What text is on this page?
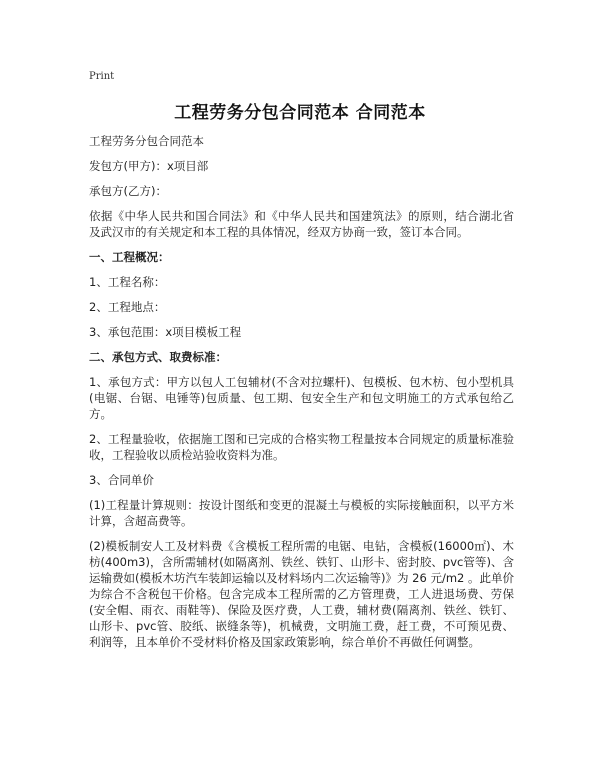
Print
工程劳务分包合同范本 合同范本

工程劳务分包合同范本

发包方(甲方)：x项目部

承包方(乙方)：

依据《中华人民共和国合同法》和《中华人民共和国建筑法》的原则，结合湖北省及武汉市的有关规定和本工程的具体情况，经双方协商一致，签订本合同。

一、工程概况：

1、工程名称：

2、工程地点：

3、承包范围：x项目模板工程

二、承包方式、取费标准：

1、承包方式：甲方以包人工包辅材(不含对拉螺杆)、包模板、包木枋、包小型机具(电锯、台锯、电锤等)包质量、包工期、包安全生产和包文明施工的方式承包给乙方。

2、工程量验收，依据施工图和已完成的合格实物工程量按本合同规定的质量标准验收，工程验收以质检站验收资料为准。

3、合同单价

(1)工程量计算规则：按设计图纸和变更的混凝土与模板的实际接触面积，以平方米计算，含超高费等。

(2)模板制安人工及材料费《含模板工程所需的电锯、电钻，含模板(16000㎡)、木枋(400m3)，含所需辅材(如隔离剂、铁丝、铁钉、山形卡、密封胶、pvc管等)、含运输费如(模板木坊汽车装卸运输以及材料场内二次运输等)》为 26 元/m2 。此单价为综合不含税包干价格。包含完成本工程所需的乙方管理费，工人进退场费、劳保(安全帽、雨衣、雨鞋等)、保险及医疗费，人工费，辅材费(隔离剂、铁丝、铁钉、山形卡、pvc管、胶纸、嵌缝条等)，机械费，文明施工费，赶工费，不可预见费、利润等，且本单价不受材料价格及国家政策影响，综合单价不再做任何调整。
